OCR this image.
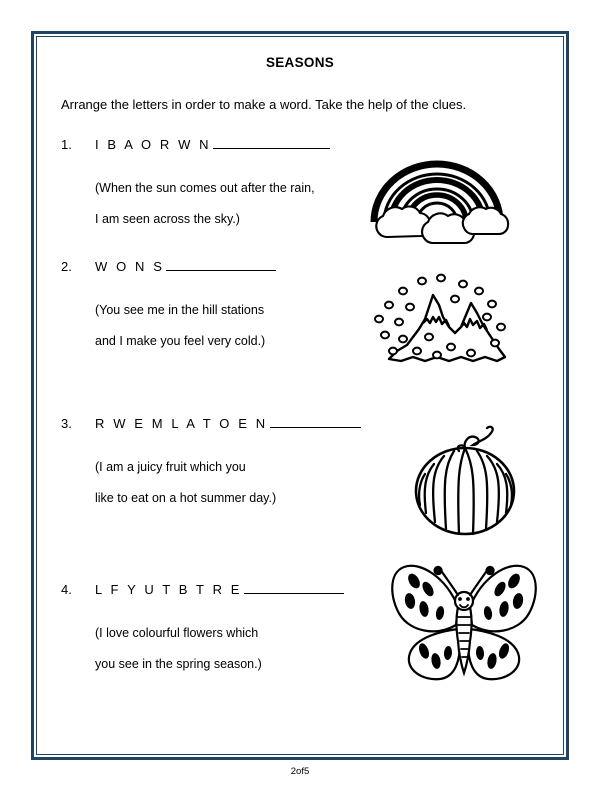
SEASONS
Arrange the letters in order to make a word. Take the help of the clues.
1.	I B A O R W N
(When the sun comes out after the rain,
I am seen across the sky.)
2.	W O N S
(You see me in the hill stations
and I make you feel very cold.)
3.	R W E M L A T O E N
(I am a juicy fruit which you
like to eat on a hot summer day.)
4.	L F Y U T B T R E
(I love colourful flowers which
you see in the spring season.)
2of5
